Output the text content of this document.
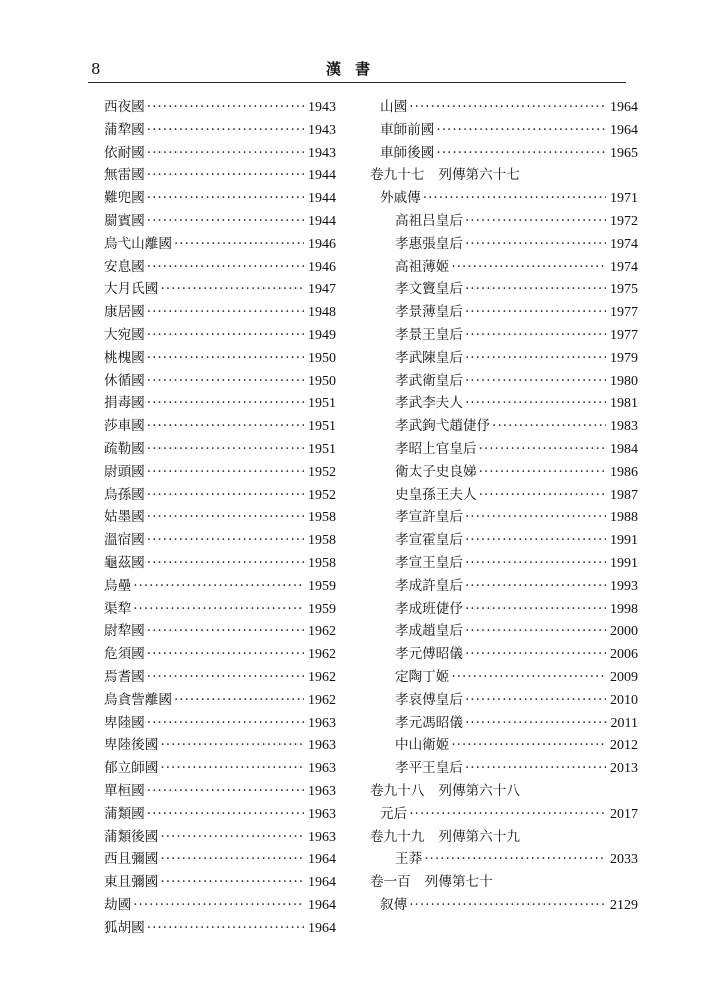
8	漢書
西夜國 ·····	1943
蒲犂國 ·····	1943
依耐國 ·····	1943
無雷國 ·····	1944
難兜國 ·····	1944
罽賓國 ·····	1944
烏弋山離國 ·····	1946
安息國 ·····	1946
大月氏國 ·····	1947
康居國 ·····	1948
大宛國 ·····	1949
桃槐國 ·····	1950
休循國 ·····	1950
捐毒國 ·····	1951
莎車國 ·····	1951
疏勒國 ·····	1951
尉頭國 ·····	1952
烏孫國 ·····	1952
姑墨國 ·····	1958
溫宿國 ·····	1958
龜茲國 ·····	1958
烏壘 ·····	1959
渠犂 ·····	1959
尉犂國 ·····	1962
危須國 ·····	1962
焉耆國 ·····	1962
烏貪訾離國 ·····	1962
卑陸國 ·····	1963
卑陸後國 ·····	1963
郁立師國 ·····	1963
單桓國 ·····	1963
蒲類國 ·····	1963
蒲類後國 ·····	1963
西且彌國 ·····	1964
東且彌國 ·····	1964
劫國 ·····	1964
狐胡國 ·····	1964
山國 ·····	1964
車師前國 ·····	1964
車師後國 ·····	1965
卷九十七 列傳第六十七
外戚傳 ·····	1971
高祖吕皇后 ·····	1972
孝惠張皇后 ·····	1974
高祖薄姬 ·····	1974
孝文竇皇后 ·····	1975
孝景薄皇后 ·····	1977
孝景王皇后 ·····	1977
孝武陳皇后 ·····	1979
孝武衛皇后 ·····	1980
孝武李夫人 ·····	1981
孝武鉤弋趙倢伃 ·····	1983
孝昭上官皇后 ·····	1984
衛太子史良娣 ·····	1986
史皇孫王夫人 ·····	1987
孝宣許皇后 ·····	1988
孝宣霍皇后 ·····	1991
孝宣王皇后 ·····	1991
孝成許皇后 ·····	1993
孝成班倢伃 ·····	1998
孝成趙皇后 ·····	2000
孝元傅昭儀 ·····	2006
定陶丁姬 ·····	2009
孝哀傅皇后 ·····	2010
孝元馮昭儀 ·····	2011
中山衛姬 ·····	2012
孝平王皇后 ·····	2013
卷九十八 列傳第六十八
元后 ·····	2017
卷九十九 列傳第六十九
王莽 ·····	2033
卷一百 列傳第七十
叙傳 ·····	2129
